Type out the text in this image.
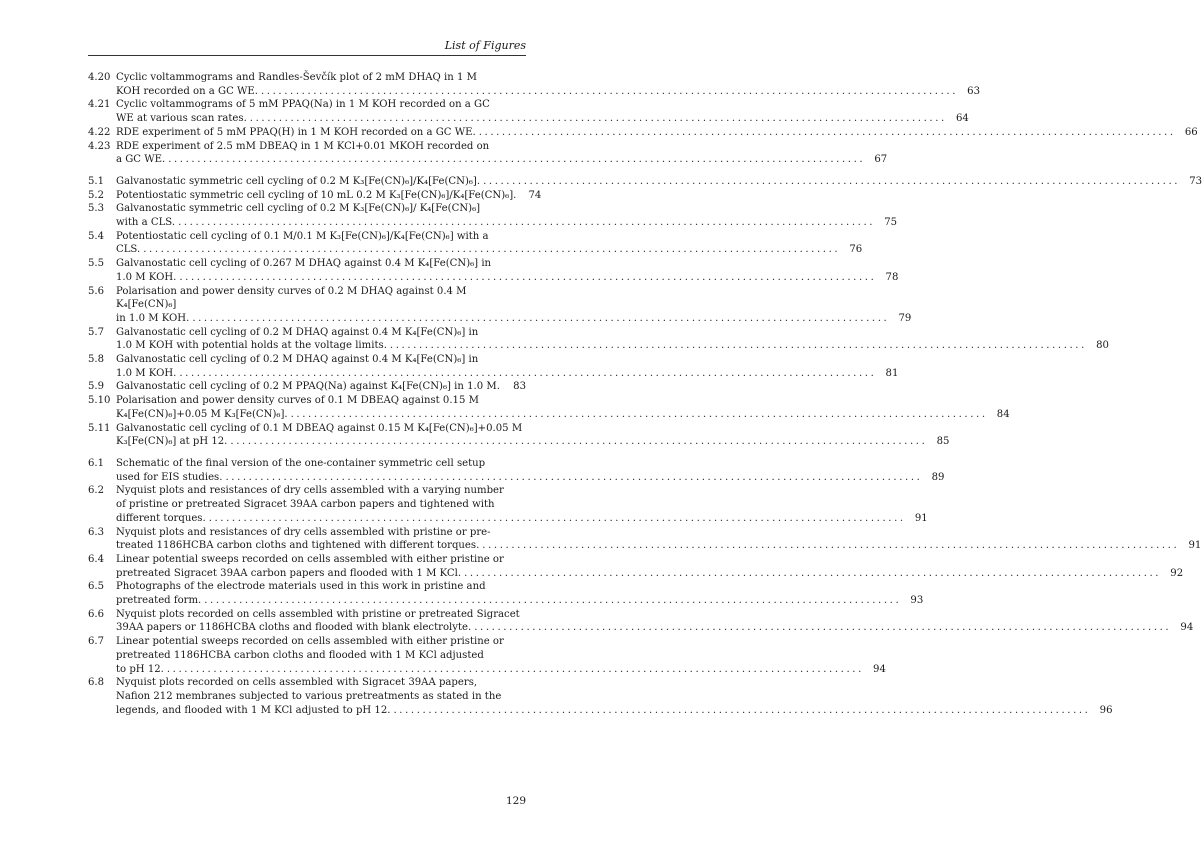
List of Figures
4.20 Cyclic voltammograms and Randles-Ševčík plot of 2 mM DHAQ in 1 M
KOH recorded on a GC WE. ........................................................................................................................ 63
4.21 Cyclic voltammograms of 5 mM PPAQ(Na) in 1 M KOH recorded on a GC
WE at various scan rates. ........................................................................................................................ 64
4.22 RDE experiment of 5 mM PPAQ(H) in 1 M KOH recorded on a GC WE. ........................................................................................................................ 66
4.23 RDE experiment of 2.5 mM DBEAQ in 1 M KCl+0.01 MKOH recorded on
a GC WE. ........................................................................................................................ 67
5.1	Galvanostatic symmetric cell cycling of 0.2 M K₃[Fe(CN)₆]/K₄[Fe(CN)₆]. ........................................................................................................................ 73
5.2	Potentiostatic symmetric cell cycling of 10 mL 0.2 M K₃[Fe(CN)₆]/K₄[Fe(CN)₆].	74
5.3	Galvanostatic symmetric cell cycling of 0.2 M K₃[Fe(CN)₆]/ K₄[Fe(CN)₆]
with a CLS. ........................................................................................................................ 75
5.4	Potentiostatic cell cycling of 0.1 M/0.1 M K₃[Fe(CN)₆]/K₄[Fe(CN)₆] with a
CLS. ........................................................................................................................ 76
5.5	Galvanostatic cell cycling of 0.267 M DHAQ against 0.4 M K₄[Fe(CN)₆] in
1.0 M KOH. ........................................................................................................................ 78
5.6	Polarisation and power density curves of 0.2 M DHAQ against 0.4 M K₄[Fe(CN)₆]
in 1.0 M KOH. ........................................................................................................................ 79
5.7	Galvanostatic cell cycling of 0.2 M DHAQ against 0.4 M K₄[Fe(CN)₆] in
1.0 M KOH with potential holds at the voltage limits. ........................................................................................................................ 80
5.8	Galvanostatic cell cycling of 0.2 M DHAQ against 0.4 M K₄[Fe(CN)₆] in
1.0 M KOH. ........................................................................................................................ 81
5.9	Galvanostatic cell cycling of 0.2 M PPAQ(Na) against K₄[Fe(CN)₆] in 1.0 M.	83
5.10 Polarisation and power density curves of 0.1 M DBEAQ against 0.15 M
K₄[Fe(CN)₆]+0.05 M K₃[Fe(CN)₆]. ........................................................................................................................ 84
5.11 Galvanostatic cell cycling of 0.1 M DBEAQ against 0.15 M K₄[Fe(CN)₆]+0.05 M
K₃[Fe(CN)₆] at pH 12. ........................................................................................................................ 85
6.1	Schematic of the final version of the one-container symmetric cell setup
used for EIS studies. ........................................................................................................................ 89
6.2	Nyquist plots and resistances of dry cells assembled with a varying number
of pristine or pretreated Sigracet 39AA carbon papers and tightened with
different torques. ........................................................................................................................ 91
6.3	Nyquist plots and resistances of dry cells assembled with pristine or pre-
treated 1186HCBA carbon cloths and tightened with different torques. ........................................................................................................................ 91
6.4	Linear potential sweeps recorded on cells assembled with either pristine or
pretreated Sigracet 39AA carbon papers and flooded with 1 M KCl. ........................................................................................................................ 92
6.5	Photographs of the electrode materials used in this work in pristine and
pretreated form. ........................................................................................................................ 93
6.6	Nyquist plots recorded on cells assembled with pristine or pretreated Sigracet
39AA papers or 1186HCBA cloths and flooded with blank electrolyte. ........................................................................................................................ 94
6.7	Linear potential sweeps recorded on cells assembled with either pristine or
pretreated 1186HCBA carbon cloths and flooded with 1 M KCl adjusted
to pH 12. ........................................................................................................................ 94
6.8	Nyquist plots recorded on cells assembled with Sigracet 39AA papers,
Nafion 212 membranes subjected to various pretreatments as stated in the
legends, and flooded with 1 M KCl adjusted to pH 12. ........................................................................................................................ 96
129
